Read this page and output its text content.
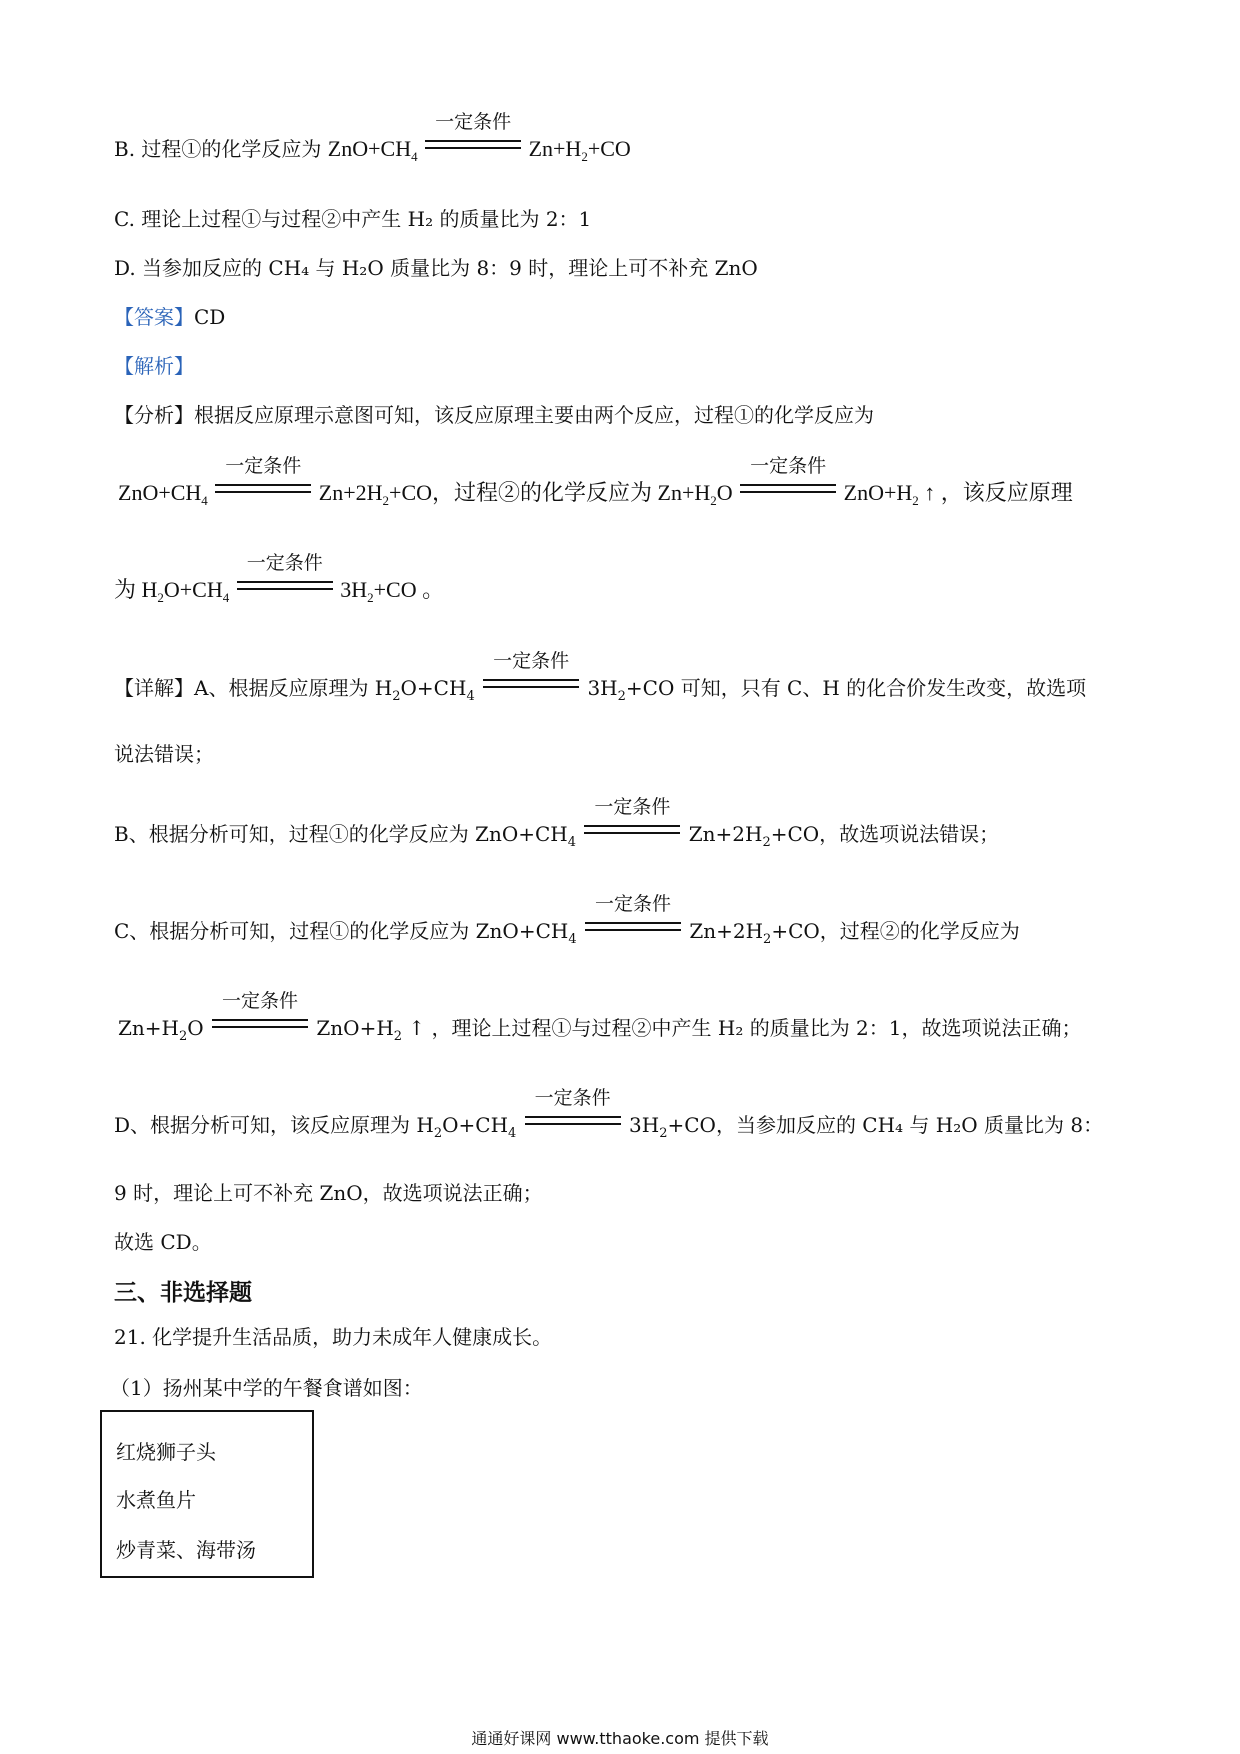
B. 过程①的化学反应为 $ZnO+CH_4$
一定条件
$Zn+H_2+CO$
C. 理论上过程①与过程②中产生 H₂ 的质量比为 2：1
D. 当参加反应的 CH₄ 与 H₂O 质量比为 8：9 时，理论上可不补充 ZnO
【答案】CD
【解析】
【分析】根据反应原理示意图可知，该反应原理主要由两个反应，过程①的化学反应为
$ZnO+CH_4$
一定条件
$Zn+2H_2+CO$，过程②的化学反应为 $Zn+H_2O$
一定条件
$ZnO+H_2$ ↑ ，该反应原理
为 $H_2O+CH_4$
一定条件
$3H_2+CO$ 。
【详解】A、根据反应原理为 $H_2O+CH_4$
一定条件
$3H_2+CO$ 可知，只有 C、H 的化合价发生改变，故选项
说法错误；
B、根据分析可知，过程①的化学反应为 $ZnO+CH_4$
一定条件
$Zn+2H_2+CO$，故选项说法错误；
C、根据分析可知，过程①的化学反应为 $ZnO+CH_4$
一定条件
$Zn+2H_2+CO$，过程②的化学反应为
$Zn+H_2O$
一定条件
$ZnO+H_2$ ↑ ，理论上过程①与过程②中产生 H₂ 的质量比为 2：1，故选项说法正确；
D、根据分析可知，该反应原理为 $H_2O+CH_4$
一定条件
$3H_2+CO$，当参加反应的 CH₄ 与 H₂O 质量比为 8：
9 时，理论上可不补充 ZnO，故选项说法正确；
故选 CD。
三、非选择题
21. 化学提升生活品质，助力未成年人健康成长。
（1）扬州某中学的午餐食谱如图：
红烧狮子头
水煮鱼片
炒青菜、海带汤
通通好课网 www.tthaoke.com 提供下载
